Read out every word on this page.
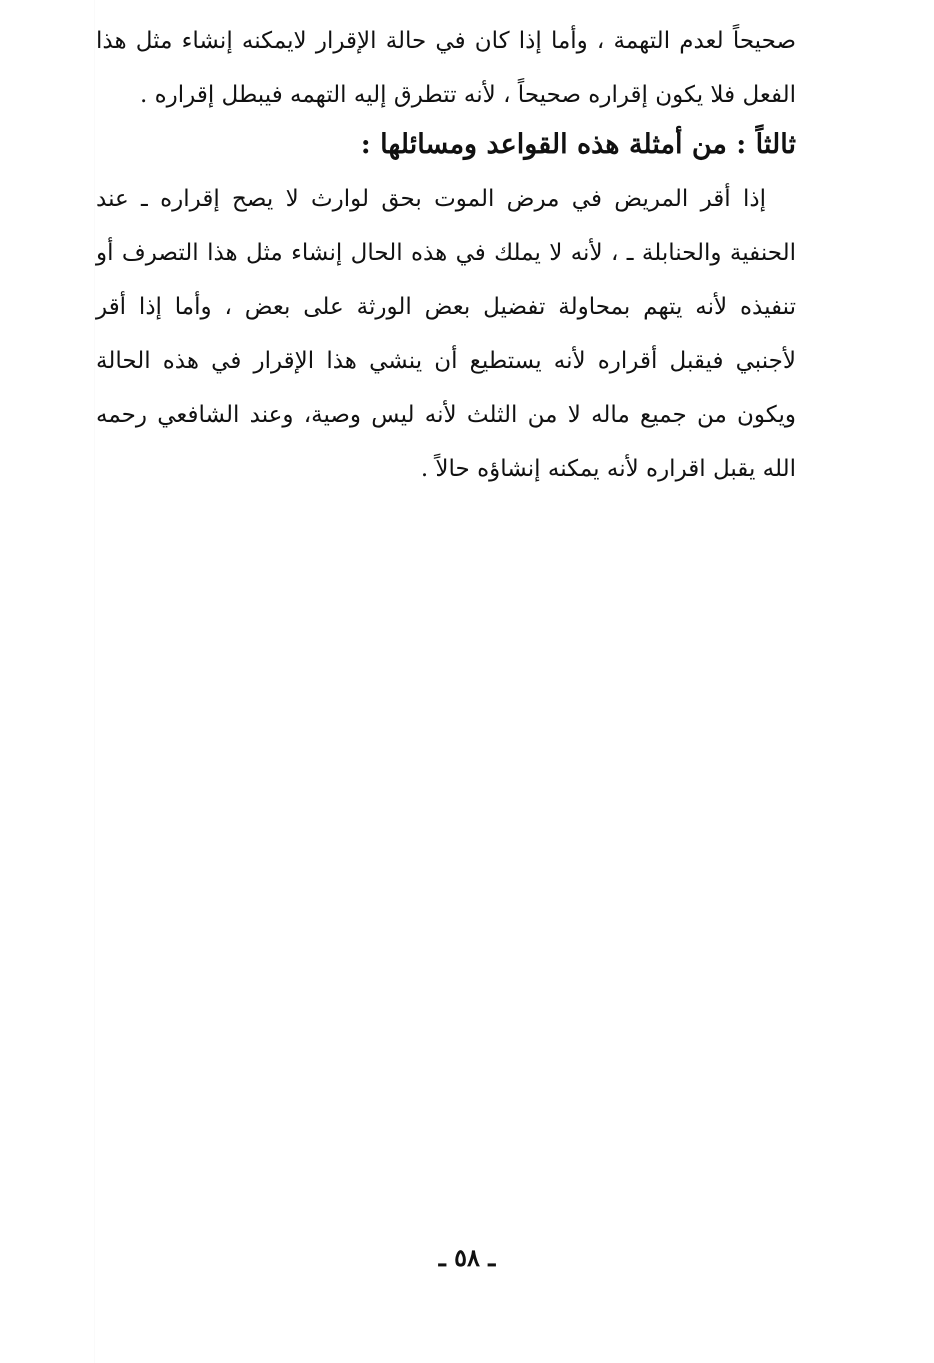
صحيحاً لعدم التهمة ، وأما إذا كان في حالة الإقرار لايمكنه إنشاء مثل هذا الفعل فلا يكون إقراره صحيحاً ، لأنه تتطرق إليه التهمه فيبطل إقراره .

ثالثاً : من أمثلة هذه القواعد ومسائلها :

إذا أقر المريض في مرض الموت بحق لوارث لا يصح إقراره ـ عند الحنفية والحنابلة ـ ، لأنه لا يملك في هذه الحال إنشاء مثل هذا التصرف أو تنفيذه لأنه يتهم بمحاولة تفضيل بعض الورثة على بعض ، وأما إذا أقر لأجنبي فيقبل أقراره لأنه يستطيع أن ينشي هذا الإقرار في هذه الحالة ويكون من جميع ماله لا من الثلث لأنه ليس وصية، وعند الشافعي رحمه الله يقبل اقراره لأنه يمكنه إنشاؤه حالاً .

ـ ٥٨ ـ
